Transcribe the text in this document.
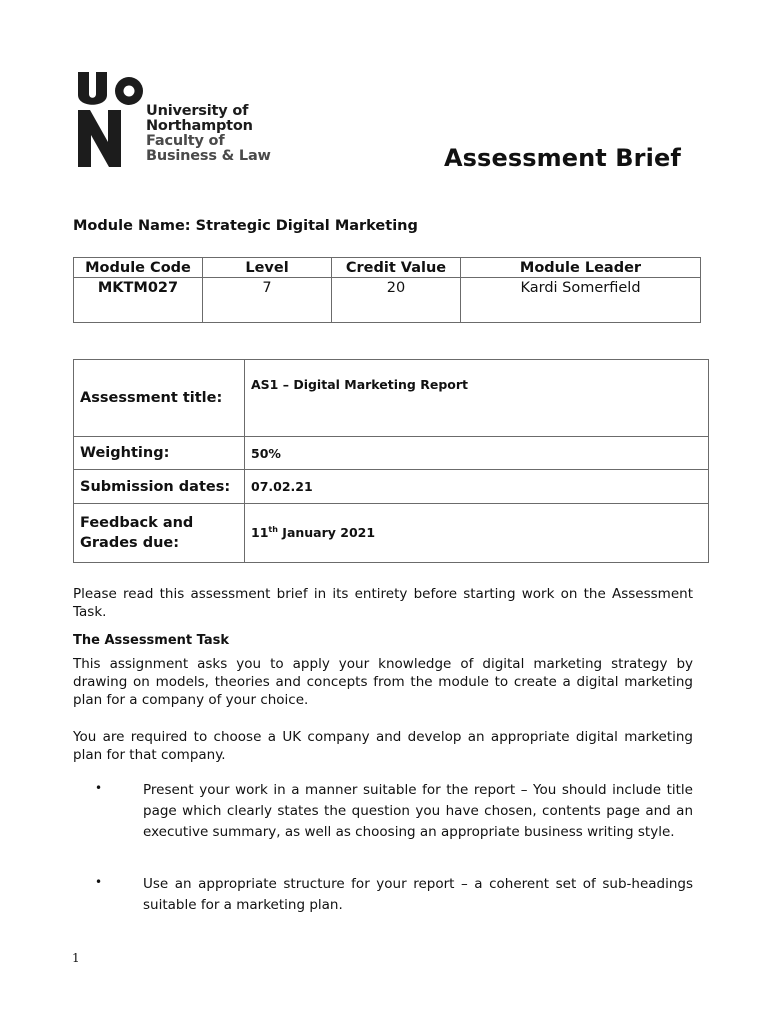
University of
Northampton
Faculty of
Business & Law	Assessment Brief
Module Name: Strategic Digital Marketing
Module Code	Level	Credit Value	Module Leader
MKTM027	7	20	Kardi Somerfield
Assessment title:	AS1 – Digital Marketing Report
Weighting:	50%
Submission dates:	07.02.21

Feedback and
Grades due:	11th January 2021
Please read this assessment brief in its entirety before starting work on the Assessment Task.
The Assessment Task
This assignment asks you to apply your knowledge of digital marketing strategy by drawing on models, theories and concepts from the module to create a digital marketing plan for a company of your choice.
You are required to choose a UK company and develop an appropriate digital marketing plan for that company.
•	Present your work in a manner suitable for the report – You should include title page which clearly states the question you have chosen, contents page and an executive summary, as well as choosing an appropriate business writing style.
•	Use an appropriate structure for your report – a coherent set of sub-headings suitable for a marketing plan.
1
